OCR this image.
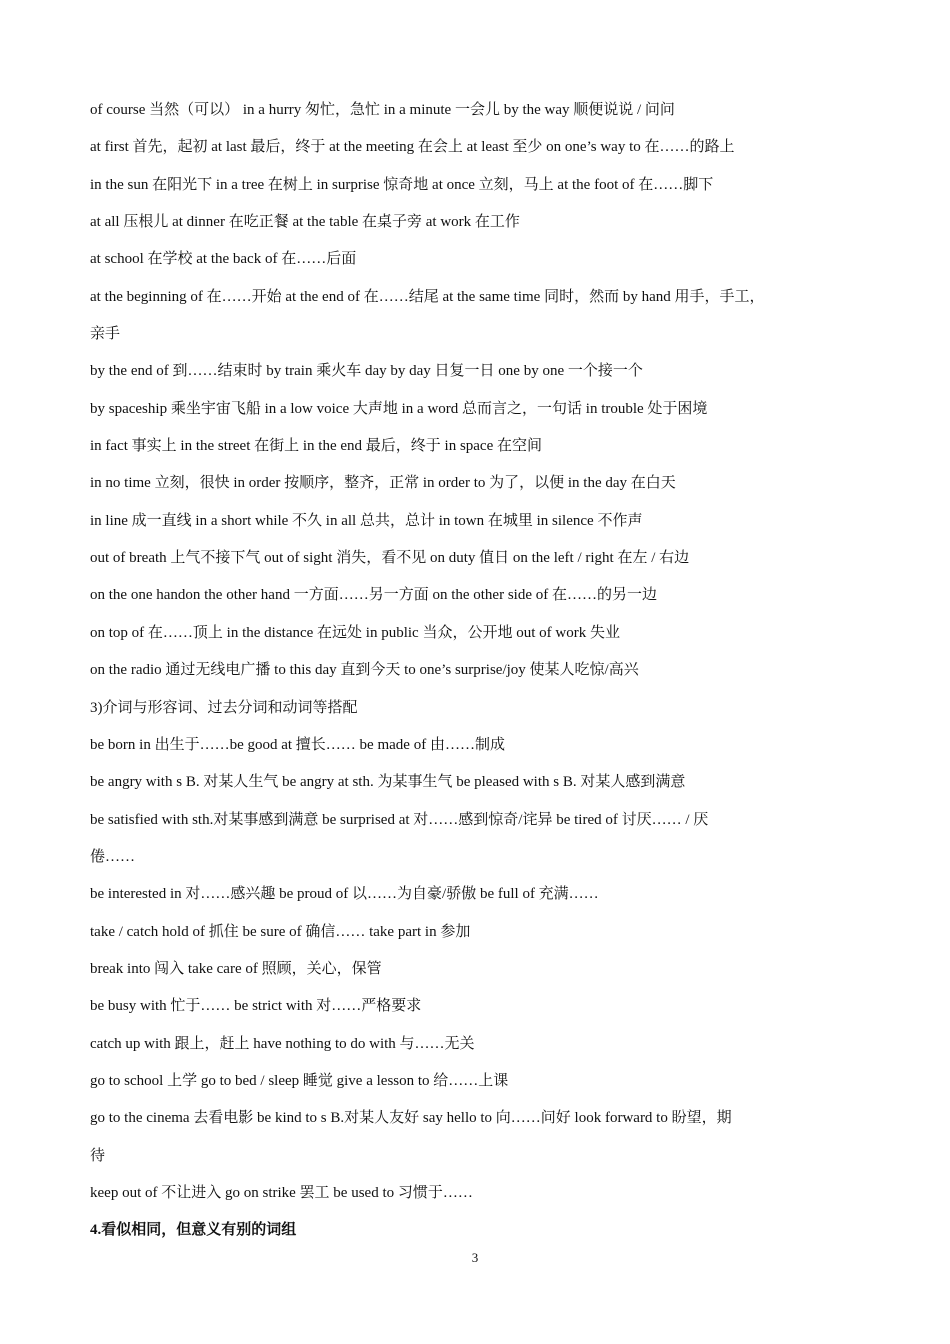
of course 当然（可以） in a hurry 匆忙，急忙 in a minute 一会儿 by the way 顺便说说 / 问问
at first 首先，起初 at last 最后，终于 at the meeting 在会上 at least 至少 on one’s way to 在……的路上
in the sun 在阳光下 in a tree 在树上 in surprise 惊奇地 at once 立刻，马上 at the foot of 在……脚下
at all 压根儿 at dinner 在吃正餐 at the table 在桌子旁 at work 在工作
at school 在学校 at the back of 在……后面
at the beginning of 在……开始 at the end of 在……结尾 at the same time 同时，然而 by hand 用手，手工，
亲手
by the end of 到……结束时 by train 乘火车 day by day 日复一日 one by one 一个接一个
by spaceship 乘坐宇宙飞船 in a low voice 大声地 in a word 总而言之，一句话 in trouble 处于困境
in fact 事实上 in the street 在街上 in the end 最后，终于 in space 在空间
in no time 立刻，很快 in order 按顺序，整齐，正常 in order to 为了，以便 in the day 在白天
in line 成一直线 in a short while 不久 in all 总共，总计 in town 在城里 in silence 不作声
out of breath 上气不接下气 out of sight 消失，看不见 on duty 值日 on the left / right 在左 / 右边
on the one handon the other hand 一方面……另一方面 on the other side of 在……的另一边
on top of 在……顶上 in the distance 在远处 in public 当众，公开地 out of work 失业
on the radio 通过无线电广播 to this day 直到今天 to one’s surprise/joy 使某人吃惊/高兴
3)介词与形容词、过去分词和动词等搭配
be born in 出生于……be good at 擅长…… be made of 由……制成
be angry with s B. 对某人生气 be angry at sth. 为某事生气 be pleased with s B. 对某人感到满意
be satisfied with sth.对某事感到满意 be surprised at 对……感到惊奇/诧异 be tired of 讨厌…… / 厌
倦……
be interested in 对……感兴趣 be proud of 以……为自豪/骄傲 be full of 充满……
take / catch hold of 抓住 be sure of 确信…… take part in 参加
break into 闯入 take care of 照顾，关心，保管
be busy with 忙于…… be strict with 对……严格要求
catch up with 跟上，赶上 have nothing to do with 与……无关
go to school 上学 go to bed / sleep 睡觉 give a lesson to 给……上课
go to the cinema 去看电影 be kind to s B.对某人友好 say hello to 向……问好 look forward to 盼望，期
待
keep out of 不让进入 go on strike 罢工 be used to 习惯于……
4.看似相同，但意义有别的词组
3
